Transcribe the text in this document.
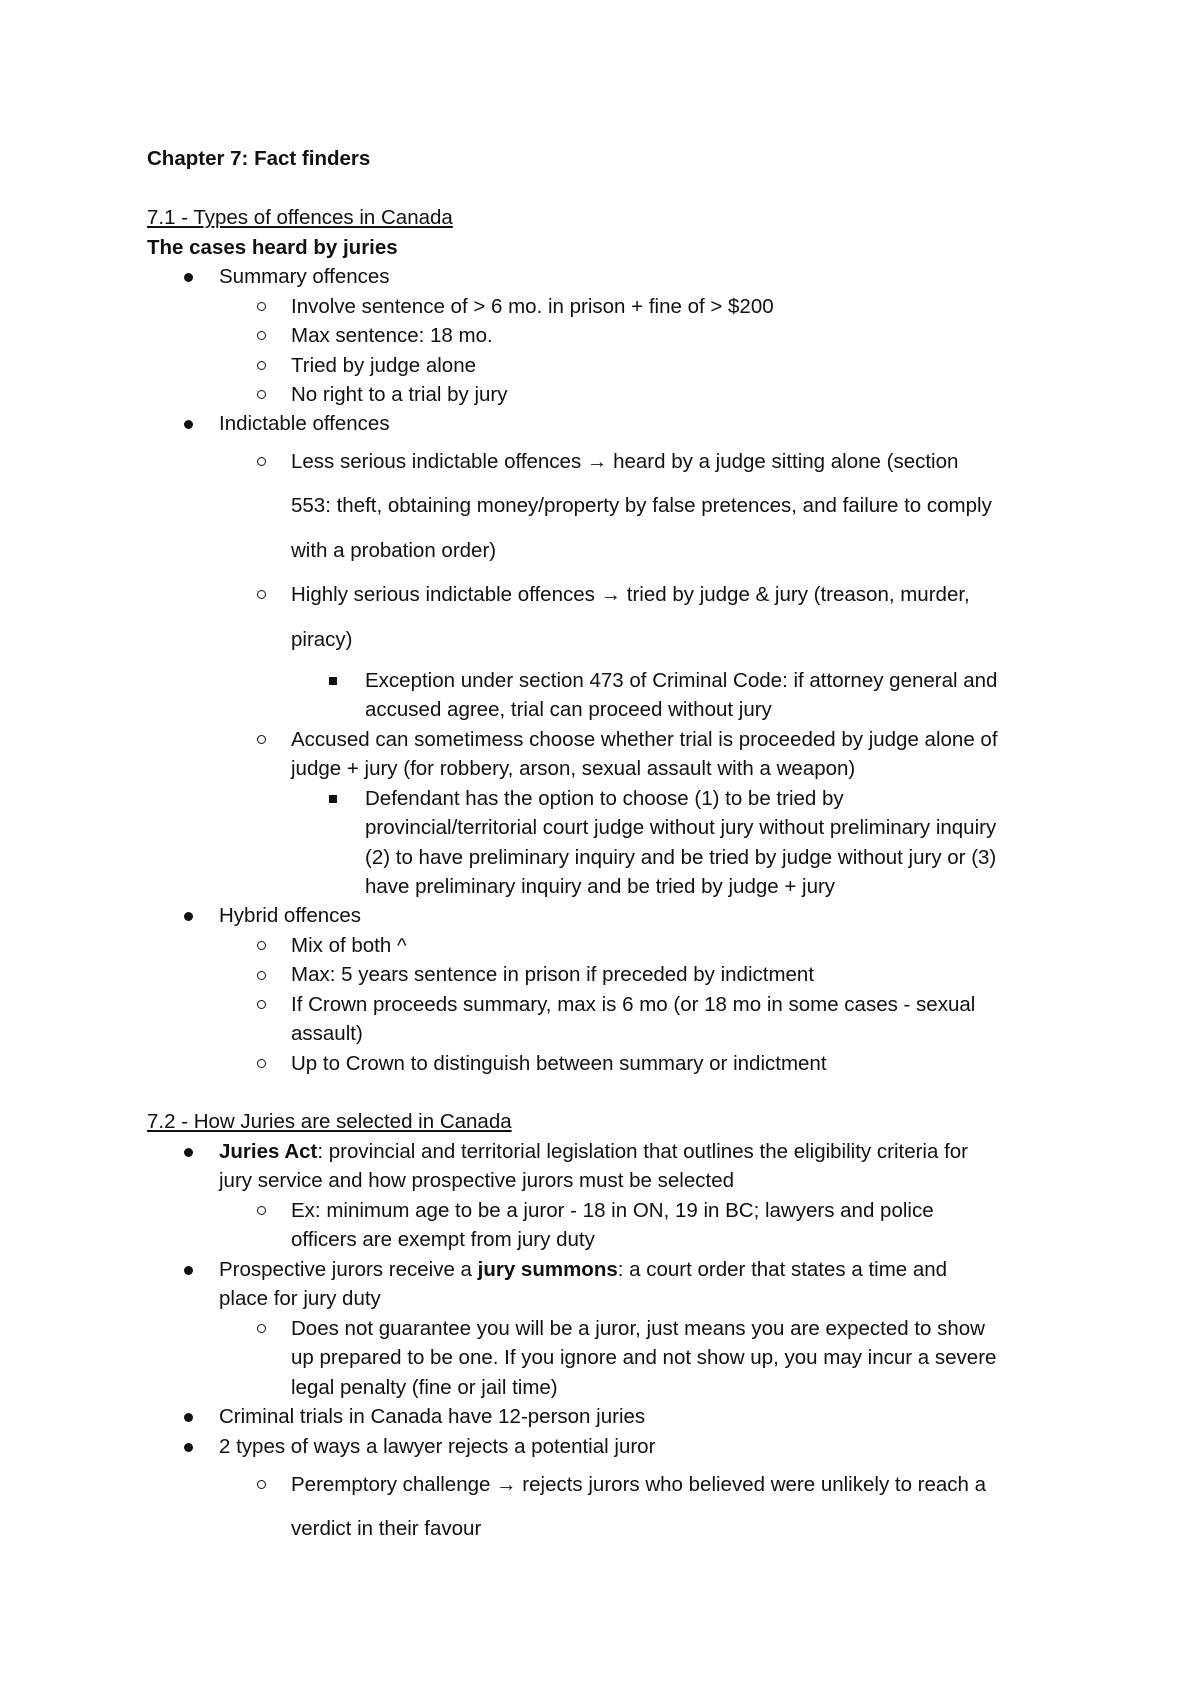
Chapter 7: Fact finders
7.1 - Types of offences in Canada
The cases heard by juries
Summary offences
Involve sentence of > 6 mo. in prison + fine of > $200
Max sentence: 18 mo.
Tried by judge alone
No right to a trial by jury
Indictable offences
Less serious indictable offences → heard by a judge sitting alone (section
553: theft, obtaining money/property by false pretences, and failure to comply
with a probation order)
Highly serious indictable offences → tried by judge & jury (treason, murder,
piracy)
Exception under section 473 of Criminal Code: if attorney general and
accused agree, trial can proceed without jury
Accused can sometimess choose whether trial is proceeded by judge alone of
judge + jury (for robbery, arson, sexual assault with a weapon)
Defendant has the option to choose (1) to be tried by
provincial/territorial court judge without jury without preliminary inquiry
(2) to have preliminary inquiry and be tried by judge without jury or (3)
have preliminary inquiry and be tried by judge + jury
Hybrid offences
Mix of both ^
Max: 5 years sentence in prison if preceded by indictment
If Crown proceeds summary, max is 6 mo (or 18 mo in some cases - sexual
assault)
Up to Crown to distinguish between summary or indictment
7.2 - How Juries are selected in Canada
Juries Act: provincial and territorial legislation that outlines the eligibility criteria for
jury service and how prospective jurors must be selected
Ex: minimum age to be a juror - 18 in ON, 19 in BC; lawyers and police
officers are exempt from jury duty
Prospective jurors receive a jury summons: a court order that states a time and
place for jury duty
Does not guarantee you will be a juror, just means you are expected to show
up prepared to be one. If you ignore and not show up, you may incur a severe
legal penalty (fine or jail time)
Criminal trials in Canada have 12-person juries
2 types of ways a lawyer rejects a potential juror
Peremptory challenge → rejects jurors who believed were unlikely to reach a
verdict in their favour
